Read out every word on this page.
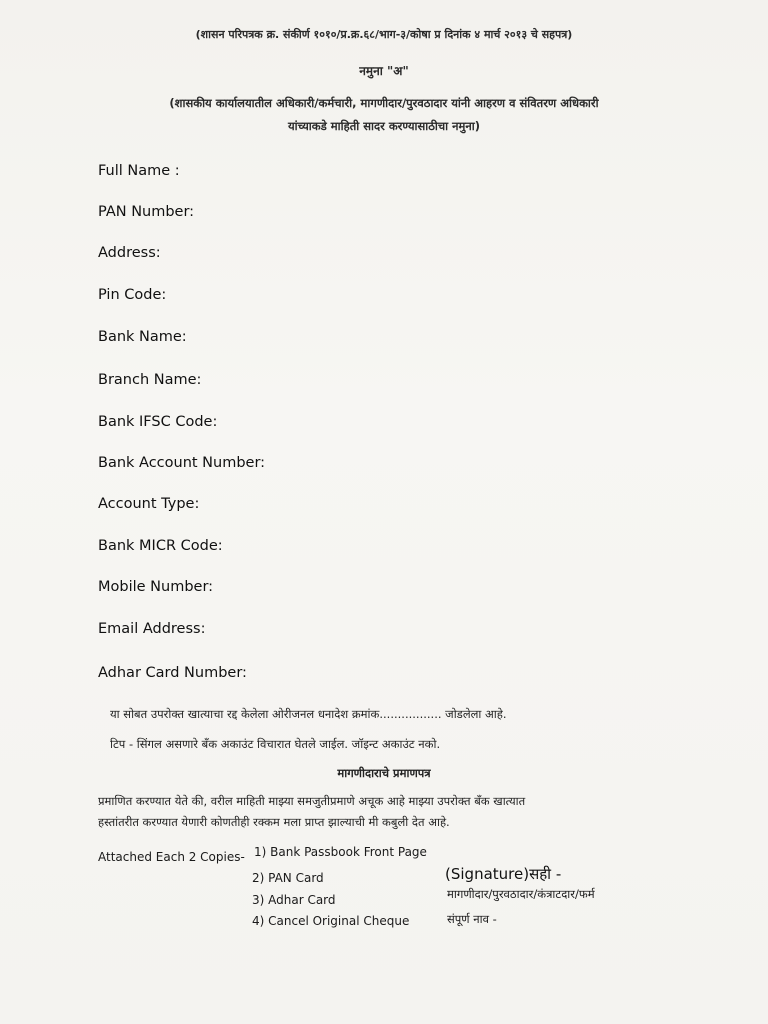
(शासन परिपत्रक क्र. संकीर्ण १०१०/प्र.क्र.६८/भाग-३/कोषा प्र दिनांक ४ मार्च २०१३ चे सहपत्र)
नमुना "अ"
(शासकीय कार्यालयातील अधिकारी/कर्मचारी, मागणीदार/पुरवठादार यांनी आहरण व संवितरण अधिकारी
यांच्याकडे माहिती सादर करण्यासाठीचा नमुना)
Full Name :
PAN Number:
Address:
Pin Code:
Bank Name:
Branch Name:
Bank IFSC Code:
Bank Account Number:
Account Type:
Bank MICR Code:
Mobile Number:
Email Address:
Adhar Card Number:
या सोबत उपरोक्त खात्याचा रद्द केलेला ओरीजनल धनादेश क्रमांक................. जोडलेला आहे.
टिप - सिंगल असणारे बँक अकाउंट विचारात घेतले जाईल. जॉइन्ट अकाउंट नको.
मागणीदाराचे प्रमाणपत्र
प्रमाणित करण्यात येते की, वरील माहिती माझ्या समजुतीप्रमाणे अचूक आहे माझ्या उपरोक्त बँक खात्यात
हस्तांतरीत करण्यात येणारी कोणतीही रक्कम मला प्राप्त झाल्याची मी कबुली देत आहे.
Attached Each 2 Copies- 1) Bank Passbook Front Page
2) PAN Card
3) Adhar Card
4) Cancel Original Cheque
(Signature)सही -
मागणीदार/पुरवठादार/कंत्राटदार/फर्म
संपूर्ण नाव -
